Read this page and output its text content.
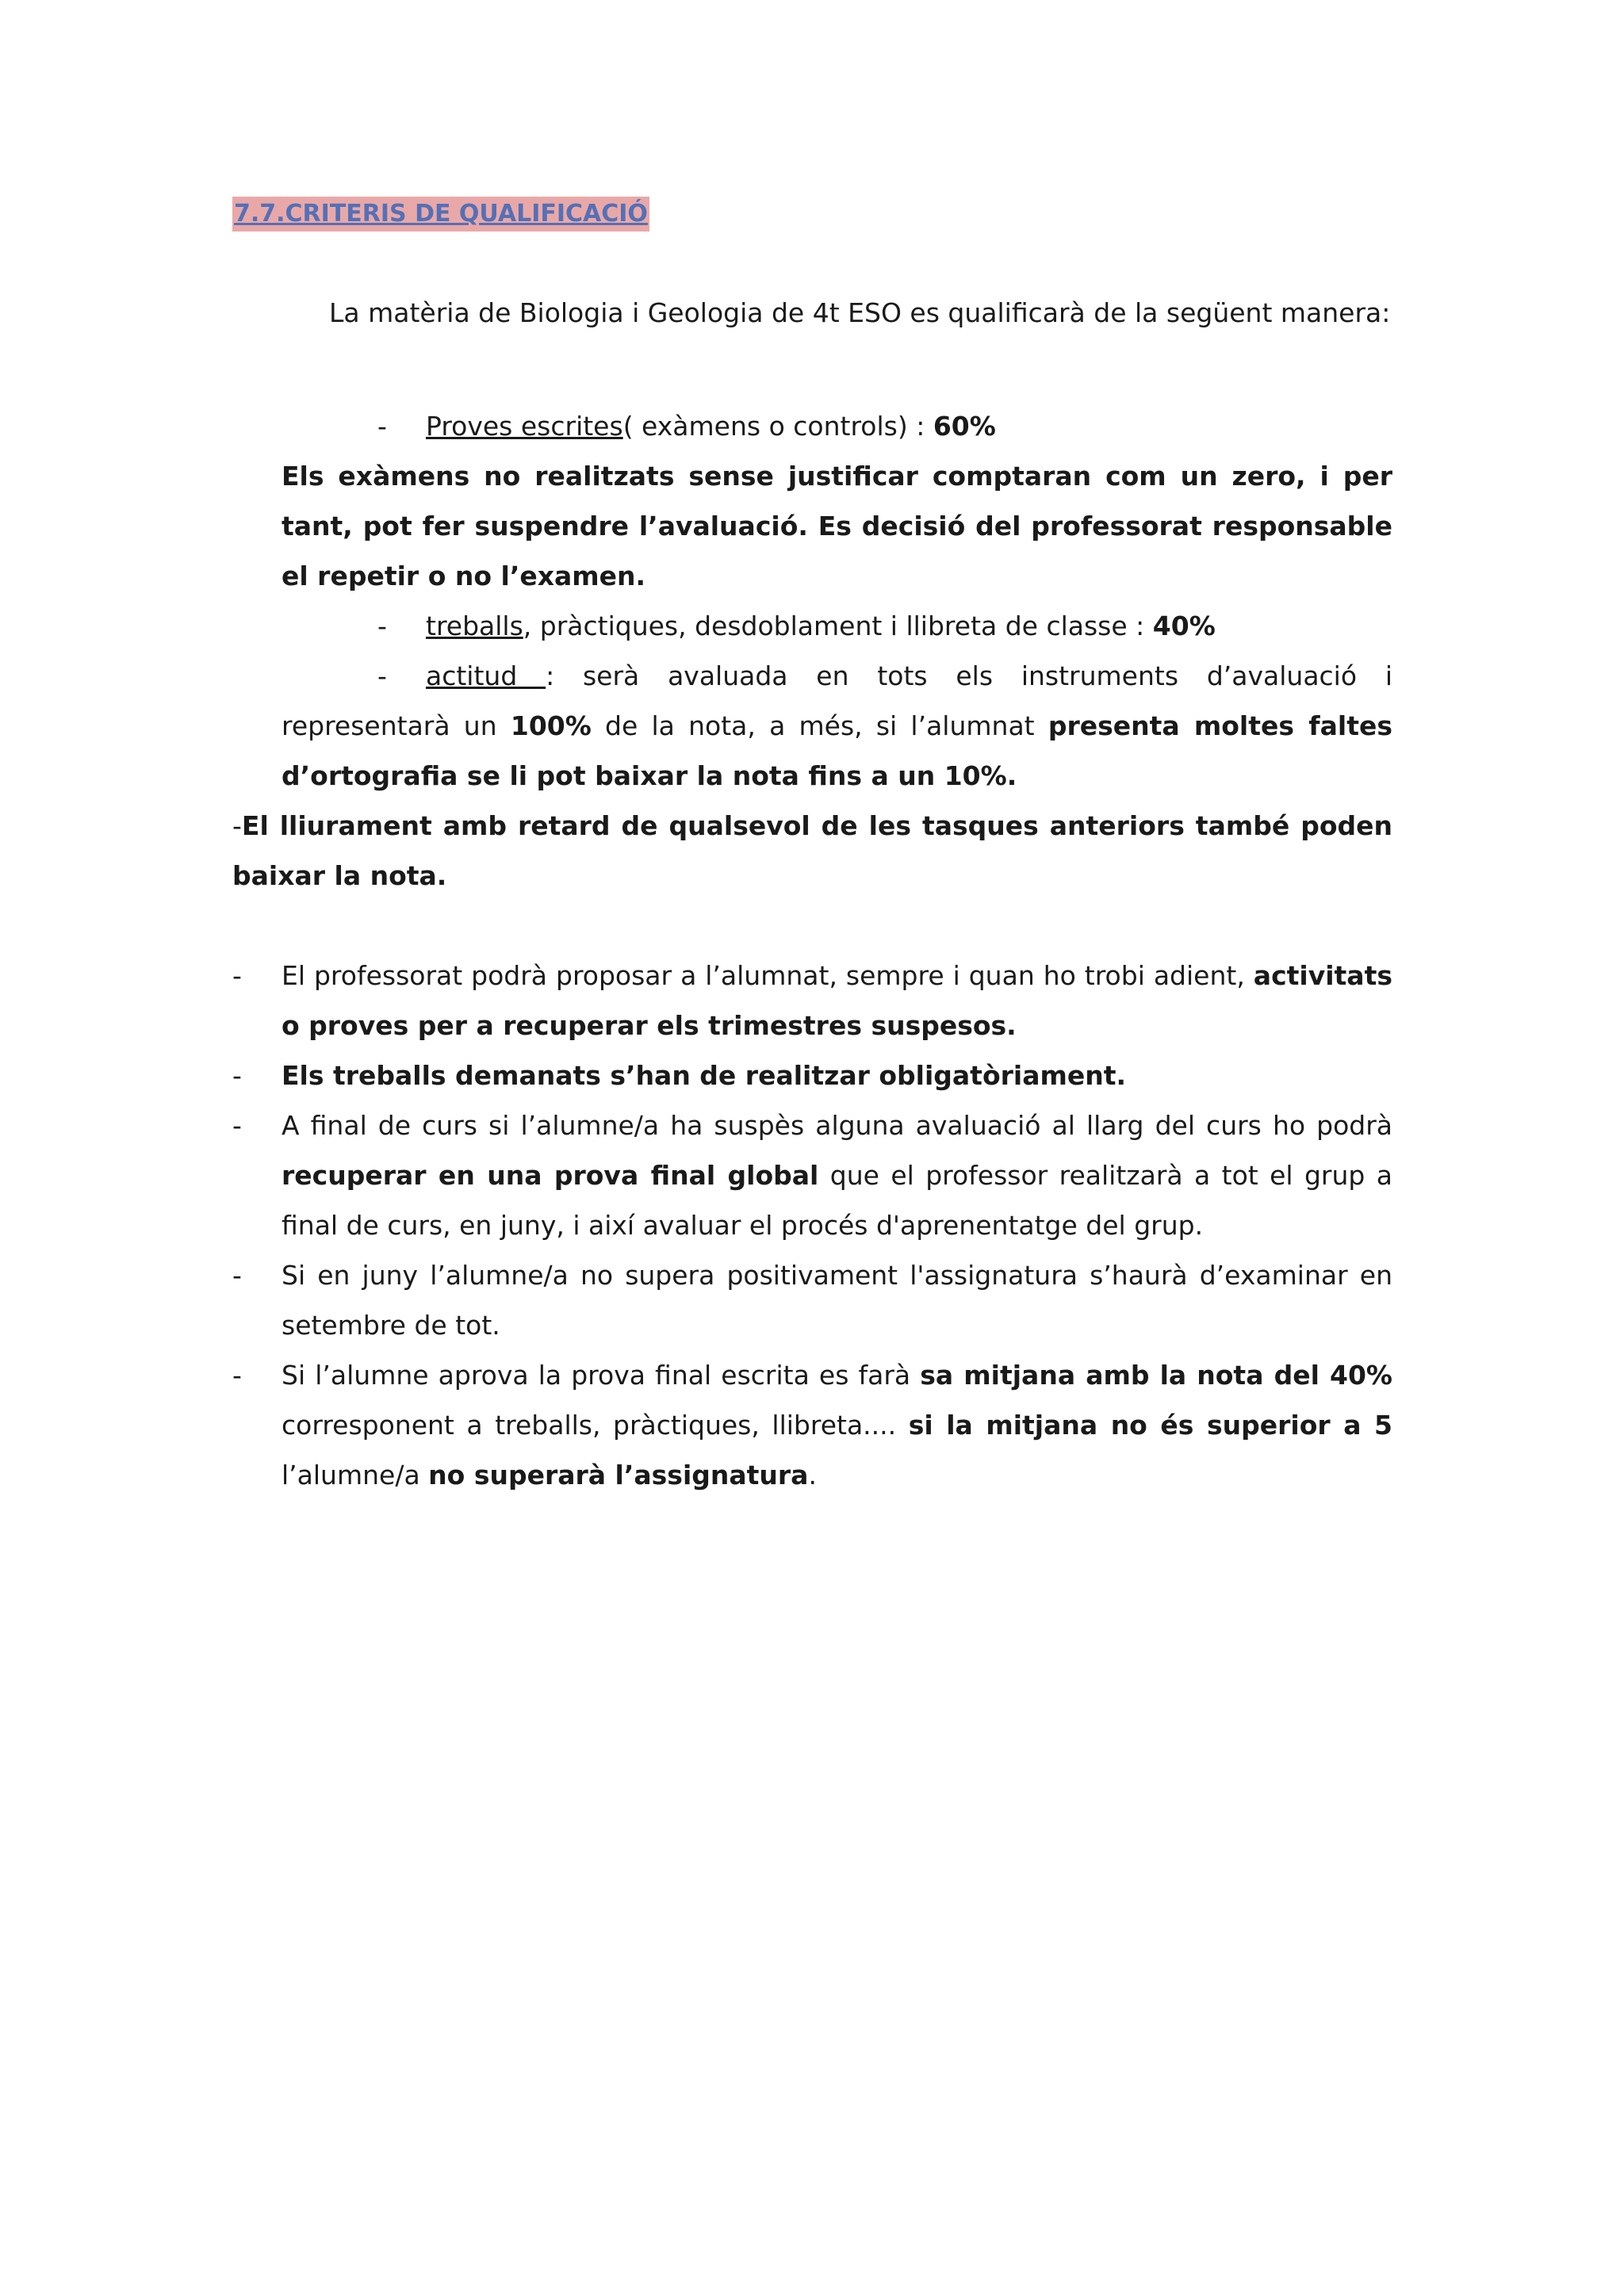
7.7.CRITERIS DE QUALIFICACIÓ

La matèria de Biologia i Geologia de 4t ESO es qualificarà de la següent manera:

- Proves escrites( exàmens o controls) : 60%

Els exàmens no realitzats sense justificar comptaran com un zero, i per tant, pot fer suspendre l’avaluació. Es decisió del professorat responsable el repetir o no l’examen.

- treballs, pràctiques, desdoblament i llibreta de classe : 40%
- actitud : serà avaluada en tots els instruments d’avaluació i

representarà un 100% de la nota, a més, si l’alumnat presenta moltes faltes d’ortografia se li pot baixar la nota fins a un 10%.

-El lliurament amb retard de qualsevol de les tasques anteriors també poden baixar la nota.

- El professorat podrà proposar a l’alumnat, sempre i quan ho trobi adient, activitats o proves per a recuperar els trimestres suspesos.
- Els treballs demanats s’han de realitzar obligatòriament.
- A final de curs si l’alumne/a ha suspès alguna avaluació al llarg del curs ho podrà recuperar en una prova final global que el professor realitzarà a tot el grup a final de curs, en juny, i així avaluar el procés d'aprenentatge del grup.
- Si en juny l’alumne/a no supera positivament l'assignatura s’haurà d’examinar en setembre de tot.
- Si l’alumne aprova la prova final escrita es farà sa mitjana amb la nota del 40% corresponent a treballs, pràctiques, llibreta.... si la mitjana no és superior a 5 l’alumne/a no superarà l’assignatura.
